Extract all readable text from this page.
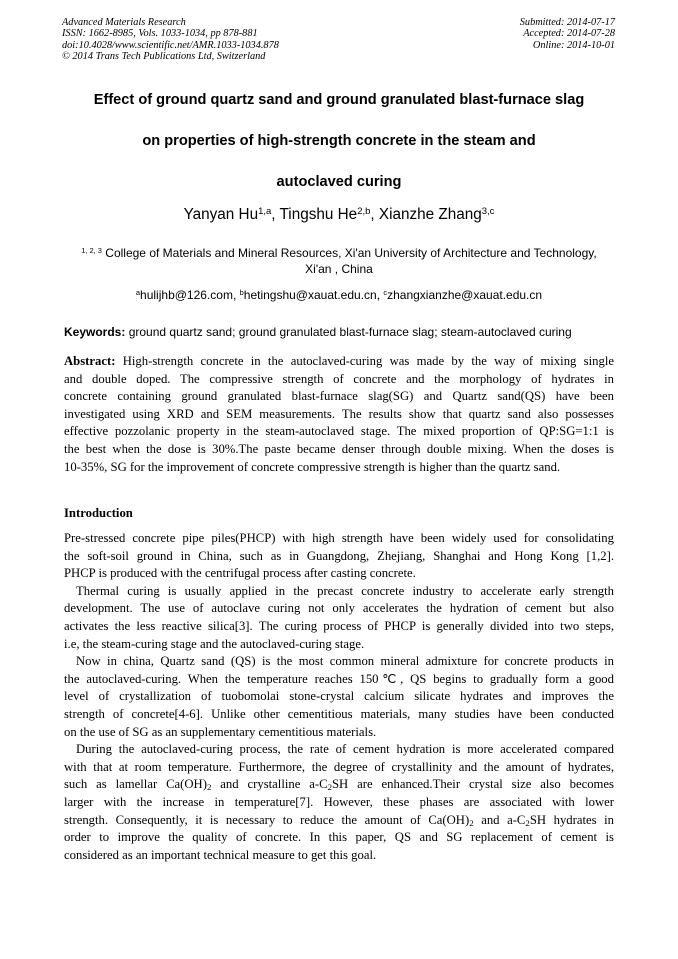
Advanced Materials Research
ISSN: 1662-8985, Vols. 1033-1034, pp 878-881
doi:10.4028/www.scientific.net/AMR.1033-1034.878
© 2014 Trans Tech Publications Ltd, Switzerland
Submitted: 2014-07-17
Accepted: 2014-07-28
Online: 2014-10-01
Effect of ground quartz sand and ground granulated blast-furnace slag
on properties of high-strength concrete in the steam and
autoclaved curing
Yanyan Hu$^{1,a}$, Tingshu He$^{2,b}$, Xianzhe Zhang$^{3,c}$
$^{1, 2, 3}$ College of Materials and Mineral Resources, Xi'an University of Architecture and Technology,
Xi'an , China
$^a$hulijhb@126.com, $^b$hetingshu@xauat.edu.cn, $^c$zhangxianzhe@xauat.edu.cn
Keywords: ground quartz sand; ground granulated blast-furnace slag; steam-autoclaved curing
Abstract: High-strength concrete in the autoclaved-curing was made by the way of mixing single
and double doped. The compressive strength of concrete and the morphology of hydrates in
concrete containing ground granulated blast-furnace slag(SG) and Quartz sand(QS) have been
investigated using XRD and SEM measurements. The results show that quartz sand also possesses
effective pozzolanic property in the steam-autoclaved stage. The mixed proportion of QP:SG=1:1 is
the best when the dose is 30%.The paste became denser through double mixing. When the doses is
10-35%, SG for the improvement of concrete compressive strength is higher than the quartz sand.
Introduction
Pre-stressed concrete pipe piles(PHCP) with high strength have been widely used for consolidating
the soft-soil ground in China, such as in Guangdong, Zhejiang, Shanghai and Hong Kong [1,2].
PHCP is produced with the centrifugal process after casting concrete.
Thermal curing is usually applied in the precast concrete industry to accelerate early strength
development. The use of autoclave curing not only accelerates the hydration of cement but also
activates the less reactive silica[3]. The curing process of PHCP is generally divided into two steps,
i.e, the steam-curing stage and the autoclaved-curing stage.
Now in china, Quartz sand (QS) is the most common mineral admixture for concrete products in
the autoclaved-curing. When the temperature reaches 150℃, QS begins to gradually form a good
level of crystallization of tuobomolai stone-crystal calcium silicate hydrates and improves the
strength of concrete[4-6]. Unlike other cementitious materials, many studies have been conducted
on the use of SG as an supplementary cementitious materials.
During the autoclaved-curing process, the rate of cement hydration is more accelerated compared
with that at room temperature. Furthermore, the degree of crystallinity and the amount of hydrates,
such as lamellar $Ca(OH)_2$ and crystalline $a-C_2SH$ are enhanced.Their crystal size also becomes
larger with the increase in temperature[7]. However, these phases are associated with lower
strength. Consequently, it is necessary to reduce the amount of $Ca(OH)_2$ and $a-C_2SH$ hydrates in
order to improve the quality of concrete. In this paper, QS and SG replacement of cement is
considered as an important technical measure to get this goal.
